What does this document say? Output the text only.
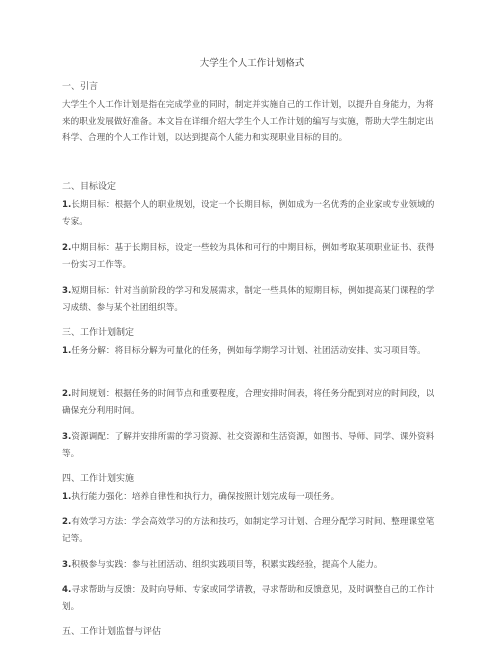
大学生个人工作计划格式
一、引言
大学生个人工作计划是指在完成学业的同时，制定并实施自己的工作计划，以提升自身能力，为将来的职业发展做好准备。本文旨在详细介绍大学生个人工作计划的编写与实施，帮助大学生制定出科学、合理的个人工作计划，以达到提高个人能力和实现职业目标的目的。
二、目标设定
1.长期目标：根据个人的职业规划，设定一个长期目标，例如成为一名优秀的企业家或专业领域的专家。
2.中期目标：基于长期目标，设定一些较为具体和可行的中期目标，例如考取某项职业证书、获得一份实习工作等。
3.短期目标：针对当前阶段的学习和发展需求，制定一些具体的短期目标，例如提高某门课程的学习成绩、参与某个社团组织等。
三、工作计划制定
1.任务分解：将目标分解为可量化的任务，例如每学期学习计划、社团活动安排、实习项目等。
2.时间规划：根据任务的时间节点和重要程度，合理安排时间表，将任务分配到对应的时间段，以确保充分利用时间。
3.资源调配：了解并安排所需的学习资源、社交资源和生活资源，如图书、导师、同学、课外资料等。
四、工作计划实施
1.执行能力强化：培养自律性和执行力，确保按照计划完成每一项任务。
2.有效学习方法：学会高效学习的方法和技巧，如制定学习计划、合理分配学习时间、整理课堂笔记等。
3.积极参与实践：参与社团活动、组织实践项目等，积累实践经验，提高个人能力。
4.寻求帮助与反馈：及时向导师、专家或同学请教，寻求帮助和反馈意见，及时调整自己的工作计划。
五、工作计划监督与评估
